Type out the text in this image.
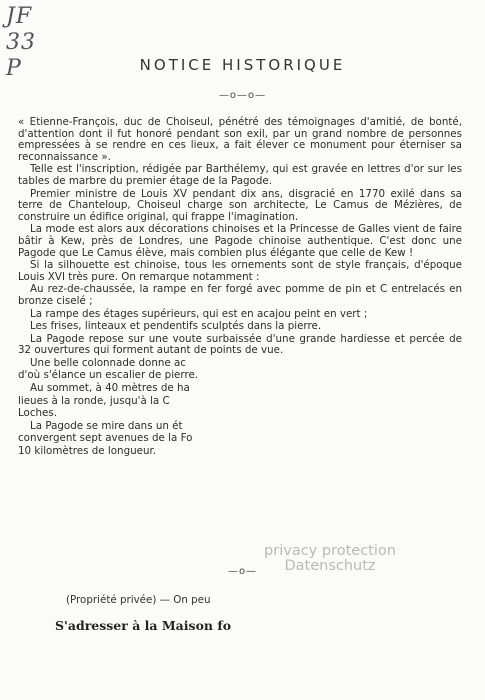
JF
33
P	NOTICE HISTORIQUE
—o—o—

« Etienne-François, duc de Choiseul, pénétré des témoignages d'amitié, de bonté, d'attention dont il fut honoré pendant son exil, par un grand nombre de personnes empressées à se rendre en ces lieux, a fait élever ce monument pour éterniser sa reconnaissance ».

Telle est l'inscription, rédigée par Barthélemy, qui est gravée en lettres d'or sur les tables de marbre du premier étage de la Pagode.

Premier ministre de Louis XV pendant dix ans, disgracié en 1770 exilé dans sa terre de Chanteloup, Choiseul charge son architecte, Le Camus de Mézières, de construire un édifice original, qui frappe l'imagination.

La mode est alors aux décorations chinoises et la Princesse de Galles vient de faire bâtir à Kew, près de Londres, une Pagode chinoise authentique. C'est donc une Pagode que Le Camus élève, mais combien plus élégante que celle de Kew !

Si la silhouette est chinoise, tous les ornements sont de style français, d'époque Louis XVI très pure. On remarque notamment :

Au rez-de-chaussée, la rampe en fer forgé avec pomme de pin et C entrelacés en bronze ciselé ;

La rampe des étages supérieurs, qui est en acajou peint en vert ;

Les frises, linteaux et pendentifs sculptés dans la pierre.

La Pagode repose sur une voute surbaissée d'une grande hardiesse et percée de 32 ouvertures qui forment autant de points de vue.

Une belle colonnade donne ac

d'où s'élance un escalier de pierre.

Au sommet, à 40 mètres de ha

lieues à la ronde, jusqu'à la C

Loches.

La Pagode se mire dans un ét

convergent sept avenues de la Fo

10 kilomètres de longueur.

—o—
(Propriété privée) — On peu
S'adresser à la Maison fo
privacy protection
Datenschutz
